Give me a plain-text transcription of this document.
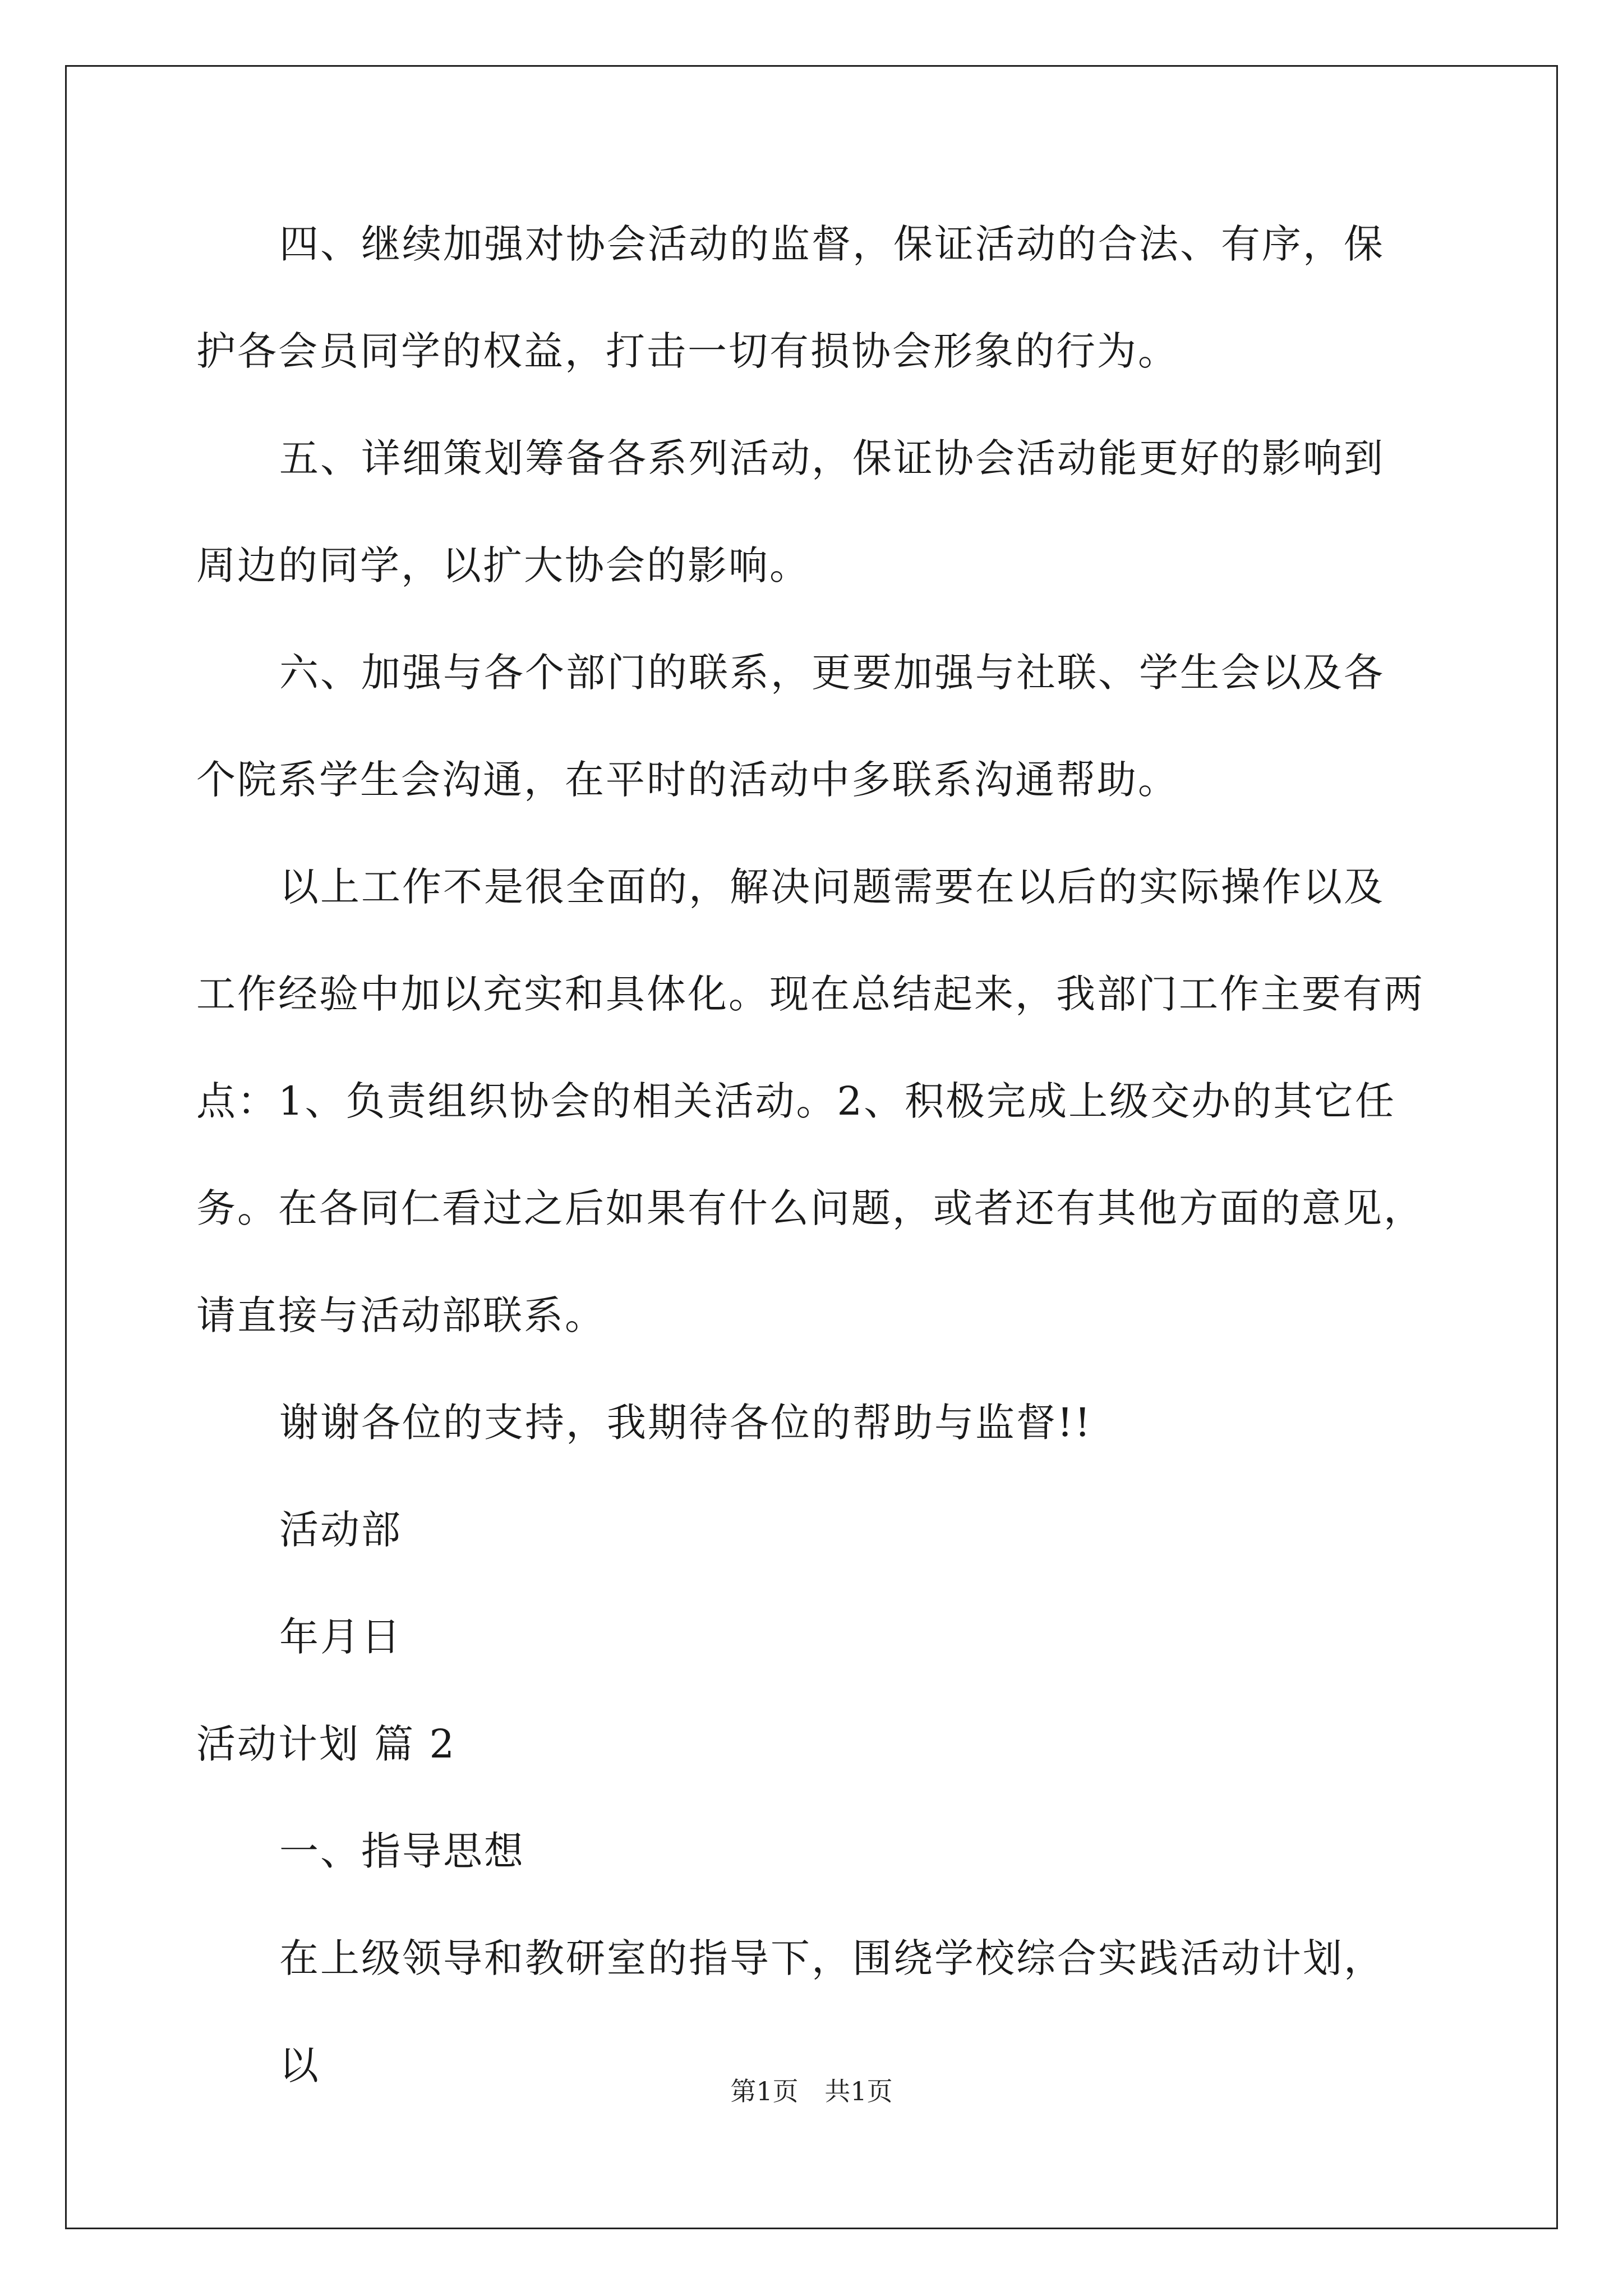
四、继续加强对协会活动的监督，保证活动的合法、有序，保护各会员同学的权益，打击一切有损协会形象的行为。

五、详细策划筹备各系列活动，保证协会活动能更好的影响到周边的同学，以扩大协会的影响。

六、加强与各个部门的联系，更要加强与社联、学生会以及各个院系学生会沟通，在平时的活动中多联系沟通帮助。

以上工作不是很全面的，解决问题需要在以后的实际操作以及工作经验中加以充实和具体化。现在总结起来，我部门工作主要有两点：1、负责组织协会的相关活动。2、积极完成上级交办的其它任务。在各同仁看过之后如果有什么问题，或者还有其他方面的意见，请直接与活动部联系。

谢谢各位的支持，我期待各位的帮助与监督!!

活动部

年月日

活动计划 篇 2

一、指导思想

在上级领导和教研室的指导下，围绕学校综合实践活动计划，以

第1页 共1页
